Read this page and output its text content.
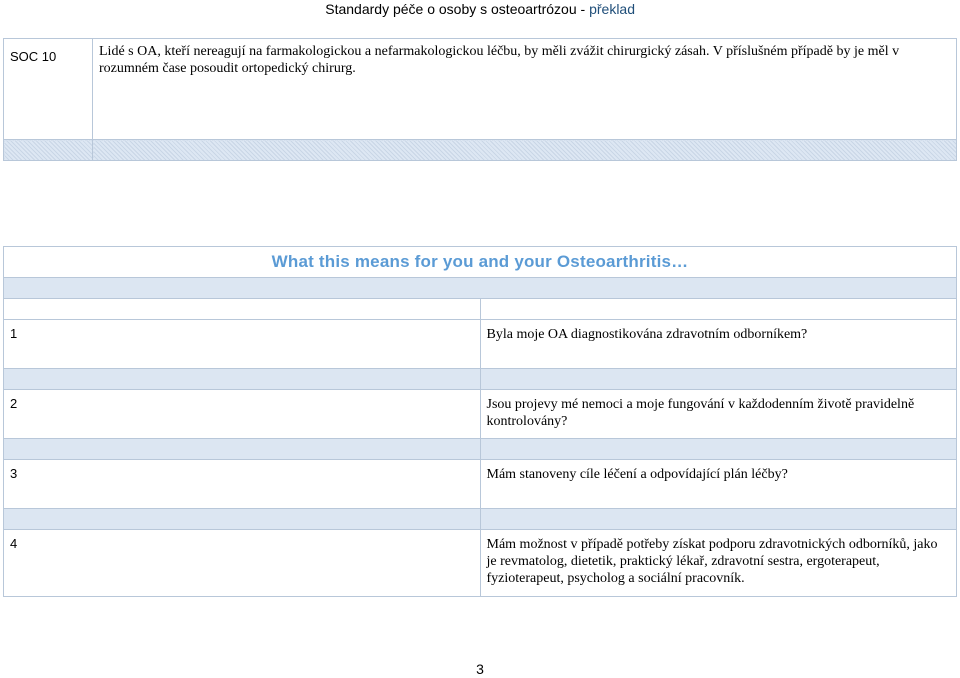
Standardy péče o osoby s osteoartrózou - překlad
SOC 10	Lidé s OA, kteří nereagují na farmakologickou a nefarmakologickou léčbu, by měli zvážit chirurgický zásah. V příslušném případě by je měl v rozumném čase posoudit ortopedický chirurg.

What this means for you and your Osteoarthritis…	

1	Byla moje OA diagnostikována zdravotním odborníkem?

2	Jsou projevy mé nemoci a moje fungování v každodenním životě pravidelně kontrolovány?

3	Mám stanoveny cíle léčení a odpovídající plán léčby?

4	Mám možnost v případě potřeby získat podporu zdravotnických odborníků, jako je revmatolog, dietetik, praktický lékař, zdravotní sestra, ergoterapeut, fyzioterapeut, psycholog a sociální pracovník.
3
